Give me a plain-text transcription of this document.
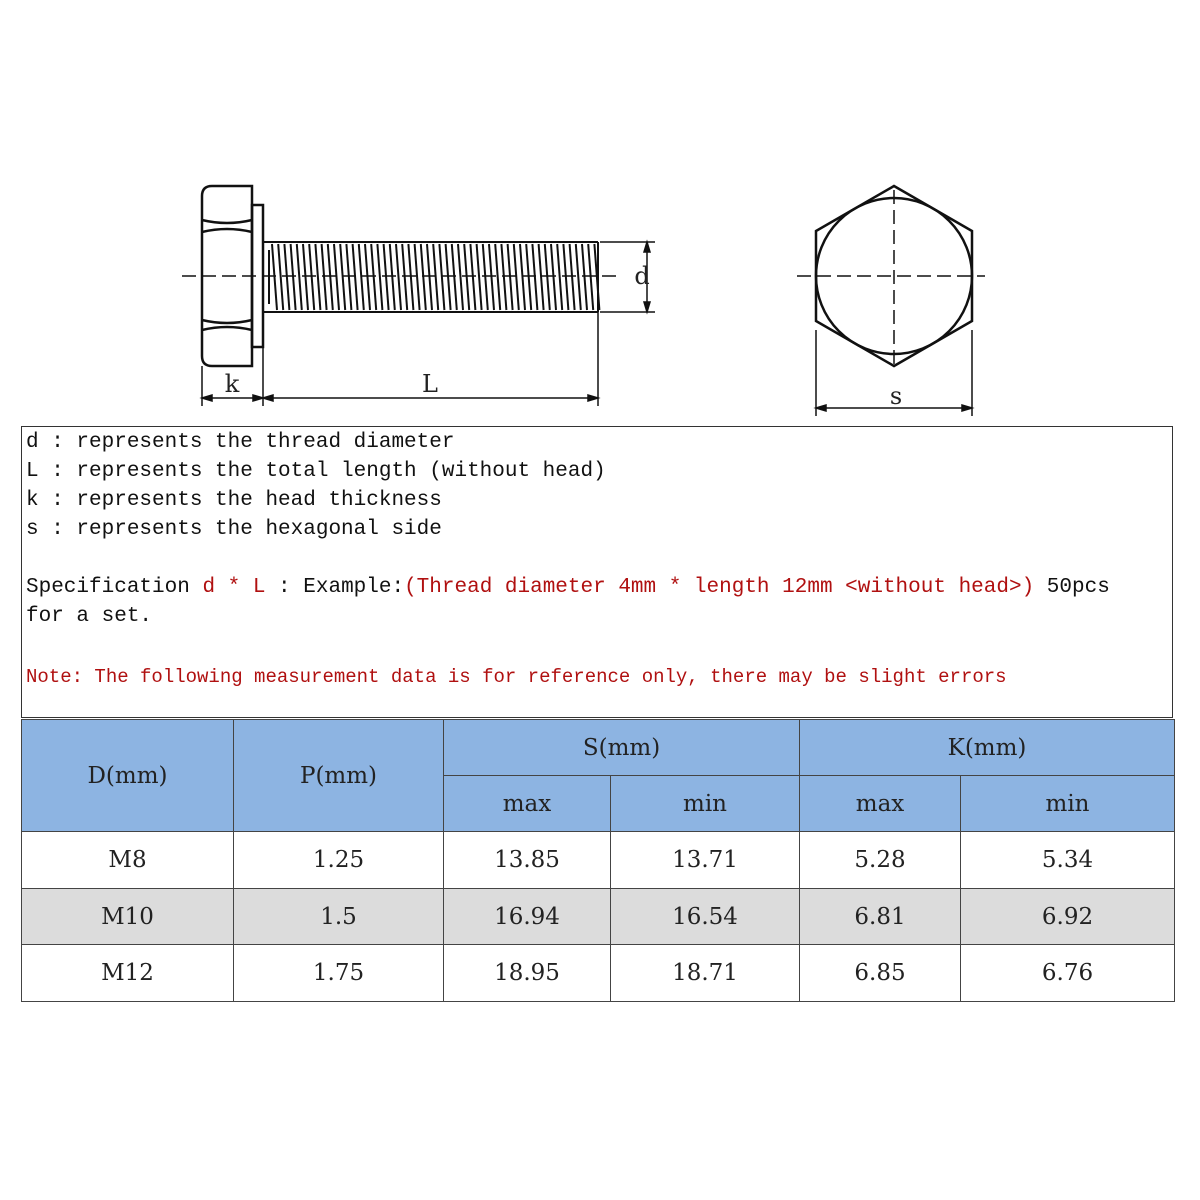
k	L
d
s
d : represents the thread diameter
L : represents the total length (without head)
k : represents the head thickness
s : represents the hexagonal side
Specification d * L : Example:(Thread diameter 4mm * length 12mm <without head>) 50pcs
for a set.
Note: The following measurement data is for reference only, there may be slight errors
D(mm)	P(mm)	S(mm)		K(mm)	
		max	min	max	min
M8	1.25	13.85	13.71	5.28	5.34
M10	1.5	16.94	16.54	6.81	6.92
M12	1.75	18.95	18.71	6.85	6.76
